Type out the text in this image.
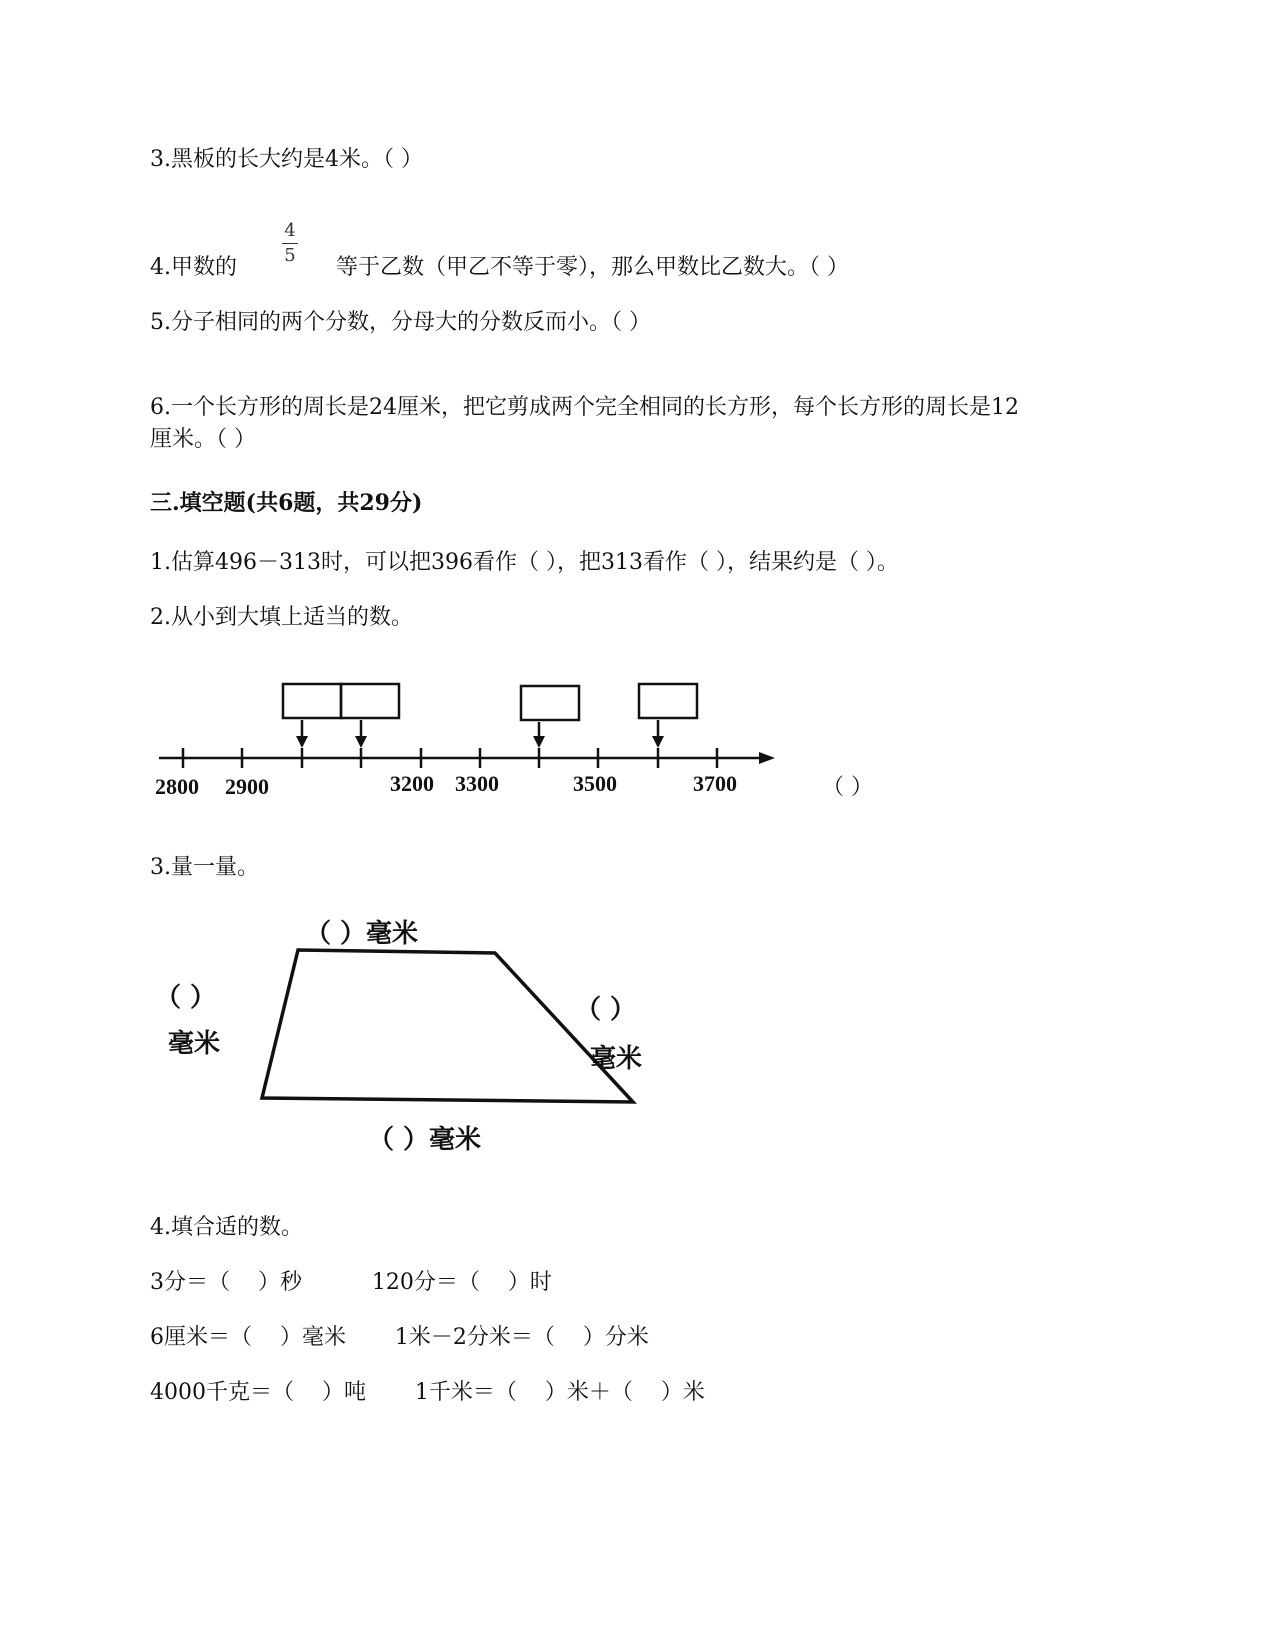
3.黑板的长大约是4米。（ ）
4.甲数的
4
5 等于乙数（甲乙不等于零），那么甲数比乙数大。（ ）
5.分子相同的两个分数，分母大的分数反而小。（ ）
6.一个长方形的周长是24厘米，把它剪成两个完全相同的长方形，每个长方形的周长是12
厘米。（ ）
三.填空题(共6题，共29分)
1.估算496－313时，可以把396看作（ ），把313看作（ ），结果约是（ ）。
2.从小到大填上适当的数。
2800 2900	3200 3300	3500	3700	（ ）
3.量一量。
（ ）毫米
（ ）
毫米
（ ）
毫米
（ ）毫米
4.填合适的数。
3分＝（    ）秒          120分＝（    ）时
6厘米＝（    ）毫米       1米－2分米＝（    ）分米
4000千克＝（    ）吨       1千米＝（    ）米＋（    ）米
